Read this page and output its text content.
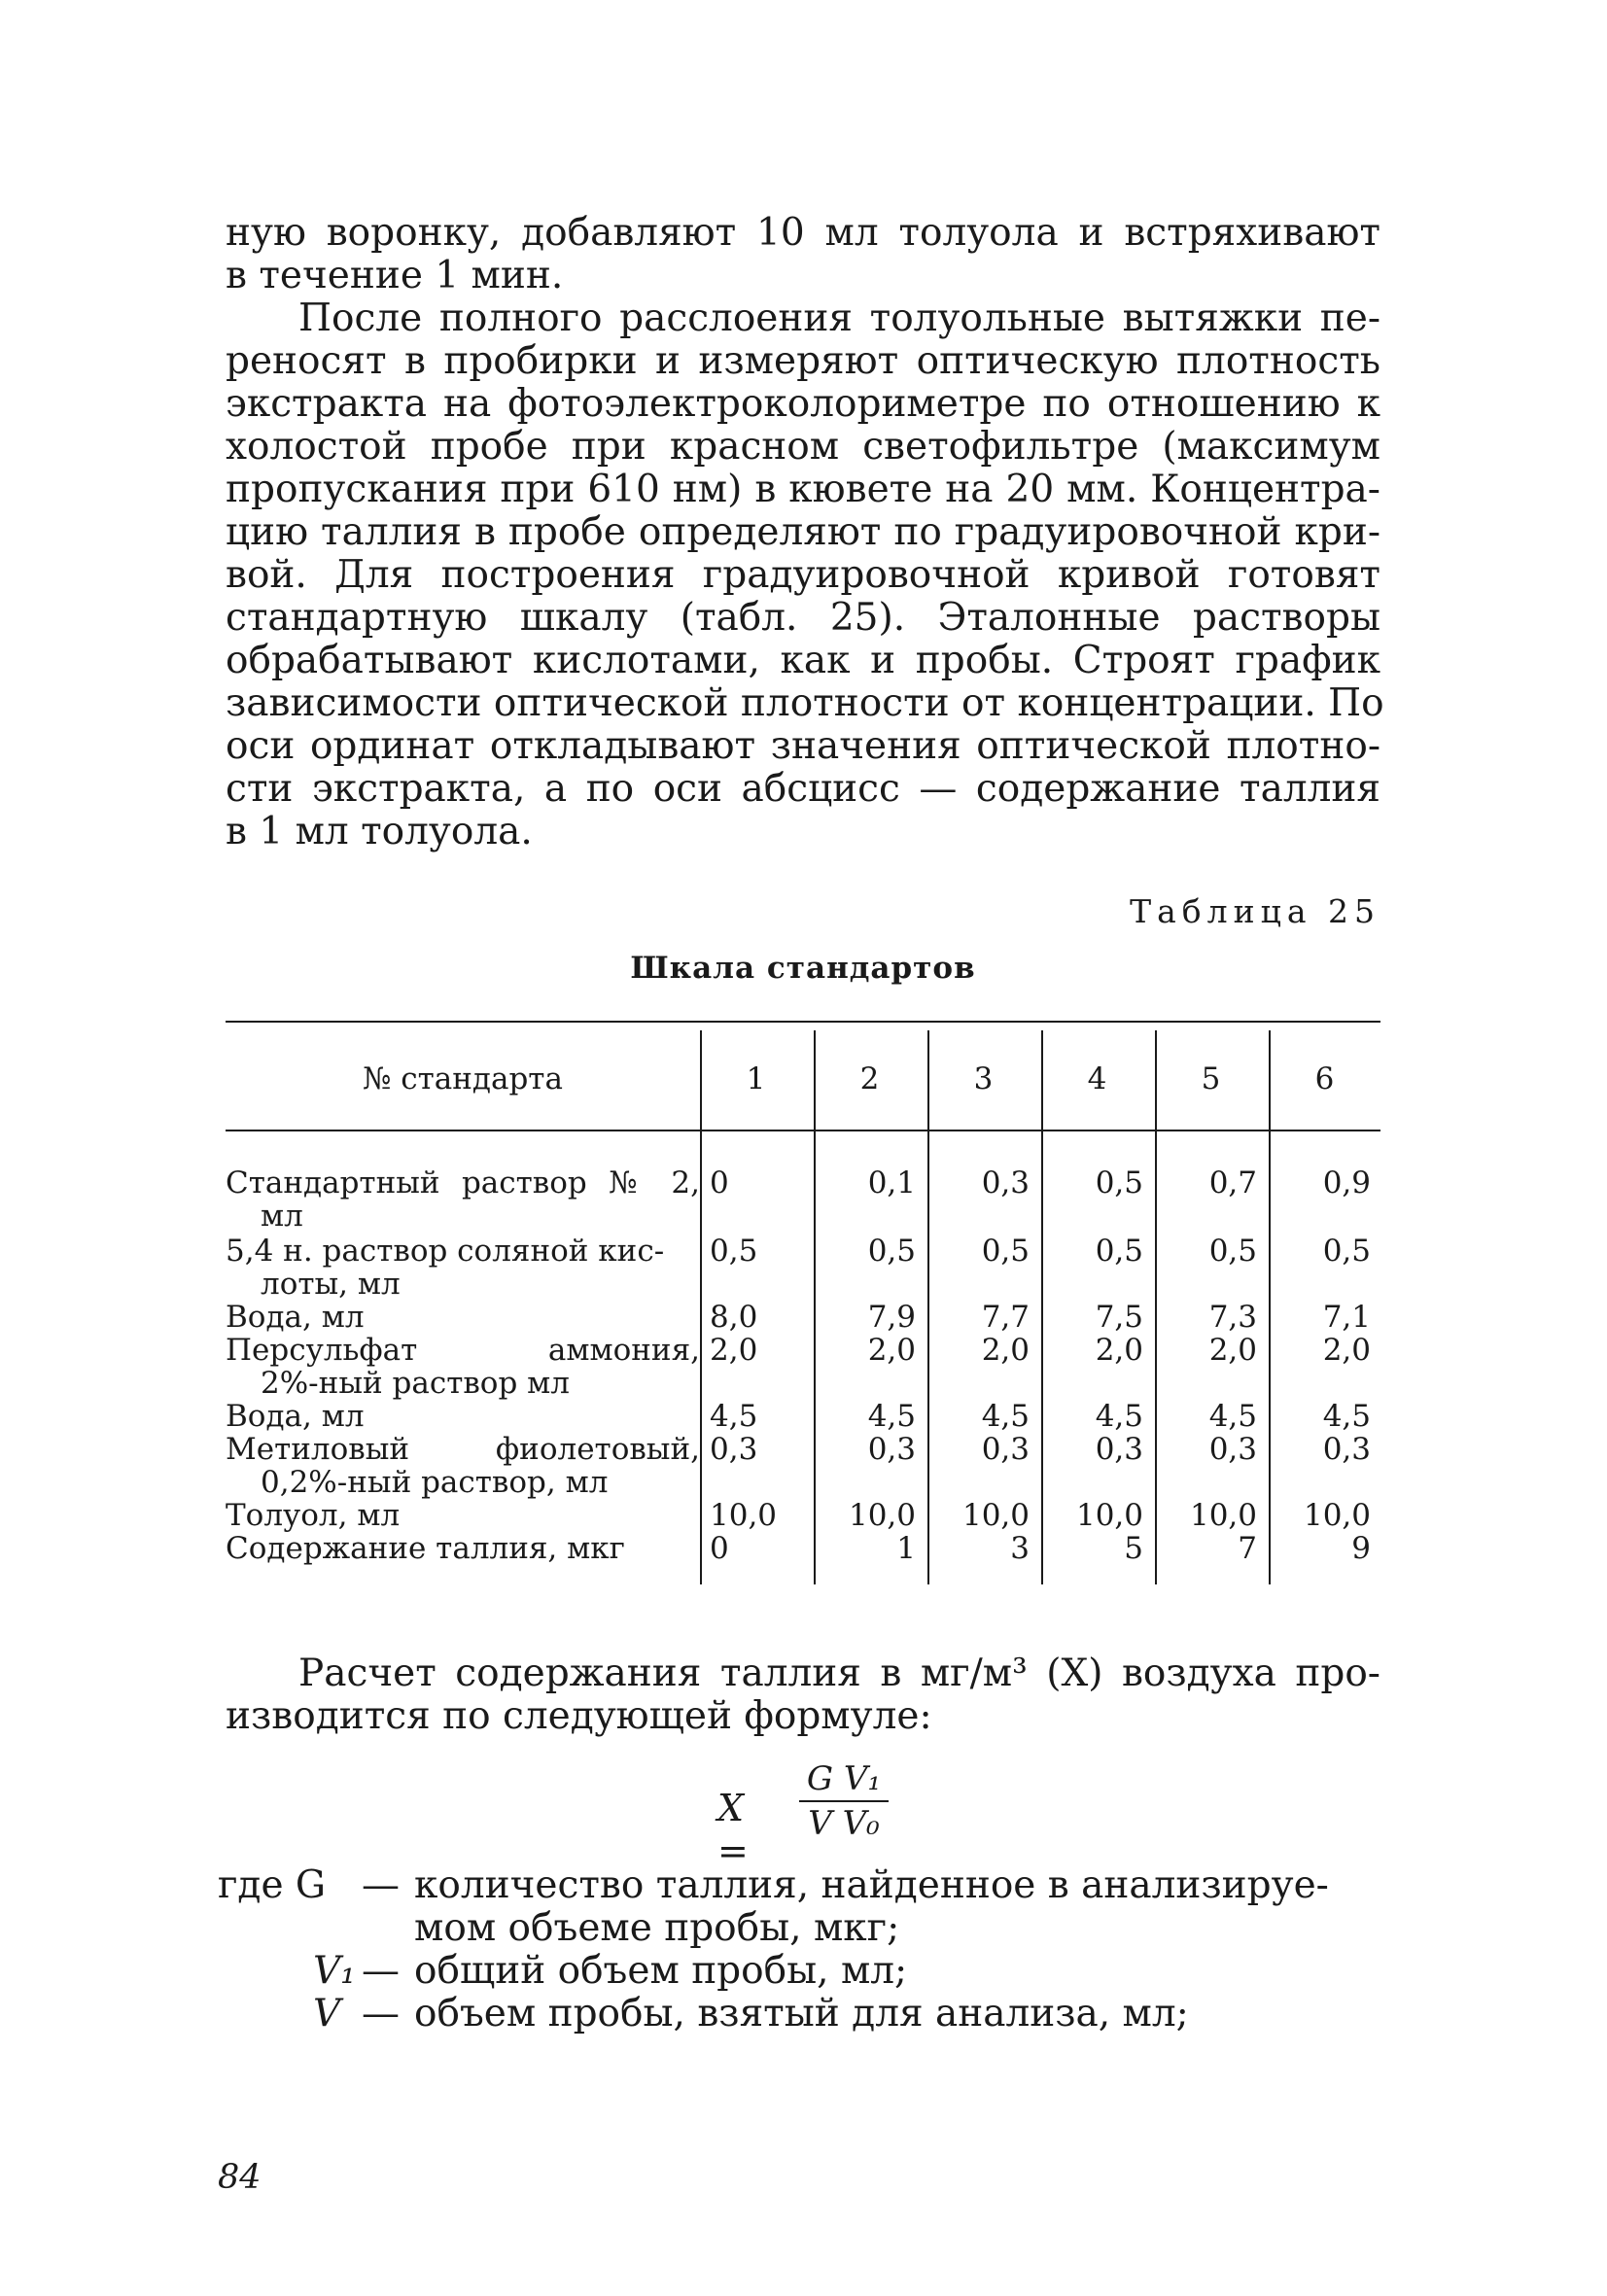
ную воронку, добавляют 10 мл толуола и встряхивают
в течение 1 мин.
После полного расслоения толуольные вытяжки пе-
реносят в пробирки и измеряют оптическую плотность
экстракта на фотоэлектроколориметре по отношению к
холостой пробе при красном светофильтре (максимум
пропускания при 610 нм) в кювете на 20 мм. Концентра-
цию таллия в пробе определяют по градуировочной кри-
вой. Для построения градуировочной кривой готовят
стандартную шкалу (табл. 25). Эталонные растворы
обрабатывают кислотами, как и пробы. Строят график
зависимости оптической плотности от концентрации. По
оси ординат откладывают значения оптической плотно-
сти экстракта, а по оси абсцисс — содержание таллия
в 1 мл толуола.
Таблица 25
Шкала стандартов
№ стандарта	1	2	3	4	5	6
Стандартный раствор № 2,
мл
0	0,1	0,3	0,5	0,7	0,9
5,4 н. раствор соляной кис-
лоты, мл
0,5	0,5	0,5	0,5	0,5	0,5
Вода, мл	8,0	7,9	7,7	7,5	7,3	7,1
Персульфат аммония,
2%-ный раствор мл
2,0	2,0	2,0	2,0	2,0	2,0
Вода, мл	4,5	4,5	4,5	4,5	4,5	4,5
Метиловый фиолетовый,
0,2%-ный раствор, мл
0,3	0,3	0,3	0,3	0,3	0,3
Толуол, мл	10,0	10,0	10,0	10,0	10,0	10,0
Содержание таллия, мкг	0	1	3	5	7	9
Расчет содержания таллия в мг/м³ (X) воздуха про-
изводится по следующей формуле:
X =
G V₁
V V₀
где G — количество таллия, найденное в анализируе-
мом объеме пробы, мкг;
V₁ — общий объем пробы, мл;
V — объем пробы, взятый для анализа, мл;
84
